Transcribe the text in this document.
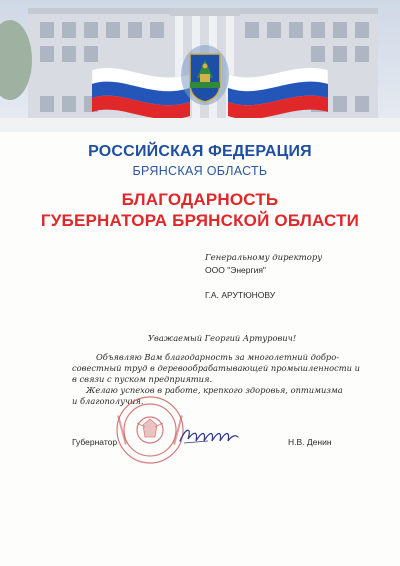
РОССИЙСКАЯ ФЕДЕРАЦИЯ

БРЯНСКАЯ ОБЛАСТЬ

БЛАГОДАРНОСТЬ

ГУБЕРНАТОРА БРЯНСКОЙ ОБЛАСТИ

Генеральному директору

ООО "Энергия"

Г.А. АРУТЮНОВУ

Уважаемый Георгий Артурович!

Объявляю Вам благодарность за многолетний добро-

совестный труд в деревообрабатывающей промышленности и

в связи с пуском предприятия.

Желаю успехов в работе, крепкого здоровья, оптимизма

и благополучия.

Губернатор	Н.В. Денин
